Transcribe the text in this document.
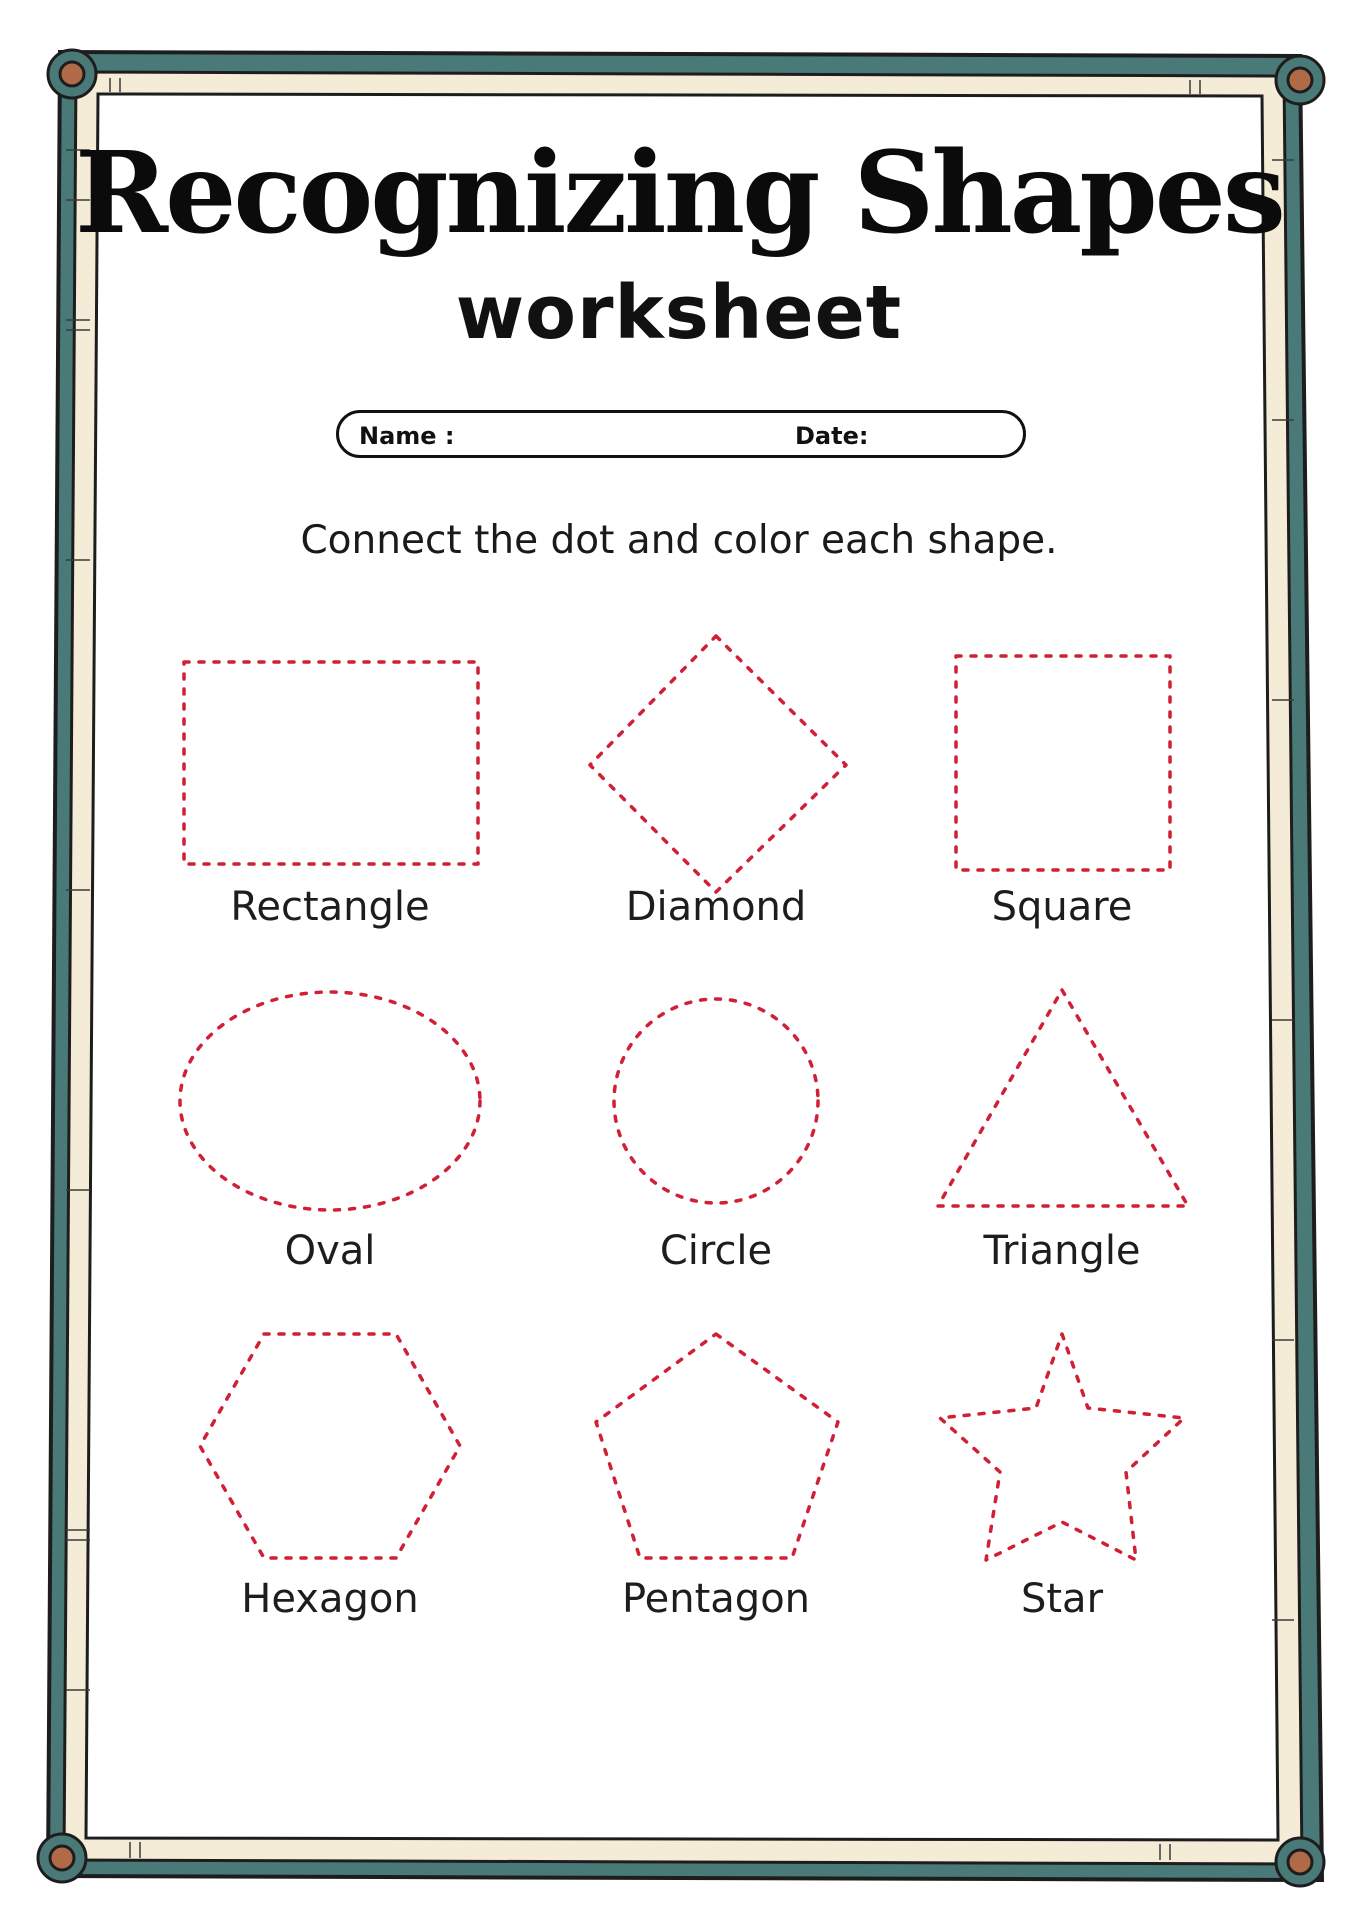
Recognizing Shapes
worksheet
Name :	Date:
Connect the dot and color each shape.
Rectangle	Diamond	Square
Oval	Circle	Triangle
Hexagon	Pentagon	Star
